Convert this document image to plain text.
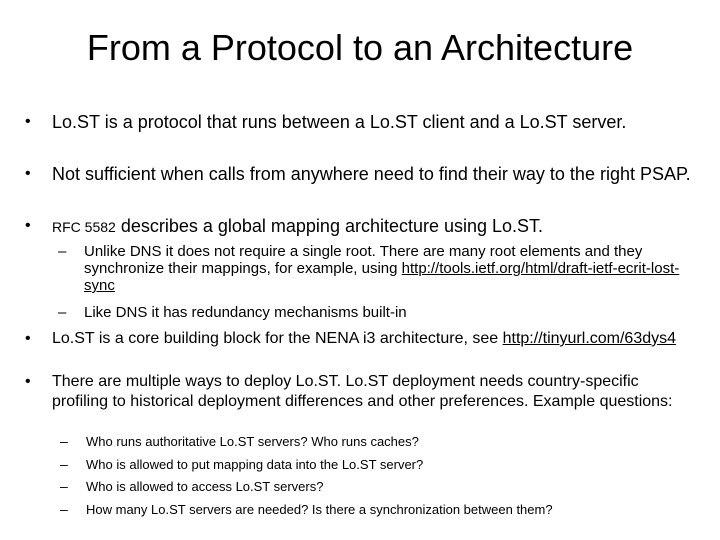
From a Protocol to an Architecture
• Lo.ST is a protocol that runs between a Lo.ST client and a Lo.ST server.
• Not sufficient when calls from anywhere need to find their way to the right PSAP.
• RFC 5582 describes a global mapping architecture using Lo.ST.
– Unlike DNS it does not require a single root. There are many root elements and they synchronize their mappings, for example, using http://tools.ietf.org/html/draft-ietf-ecrit-lost-sync
– Like DNS it has redundancy mechanisms built-in
• Lo.ST is a core building block for the NENA i3 architecture, see http://tinyurl.com/63dys4
• There are multiple ways to deploy Lo.ST. Lo.ST deployment needs country-specific profiling to historical deployment differences and other preferences. Example questions:
– Who runs authoritative Lo.ST servers? Who runs caches?
– Who is allowed to put mapping data into the Lo.ST server?
– Who is allowed to access Lo.ST servers?
– How many Lo.ST servers are needed? Is there a synchronization between them?
